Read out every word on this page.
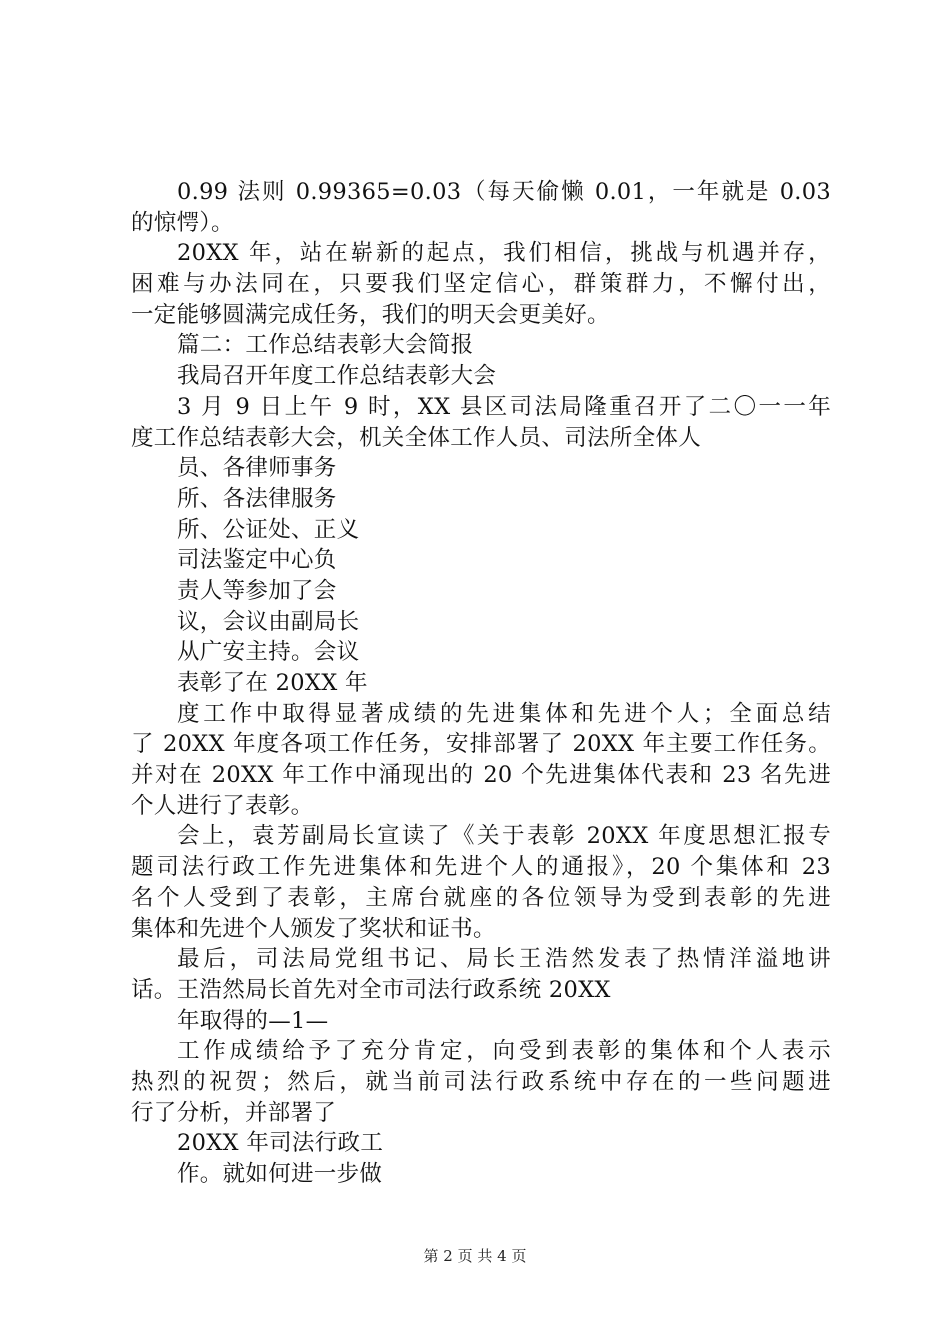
0.99 法则 0.99365=0.03（每天偷懒 0.01，一年就是 0.03
的惊愕）。
20XX 年，站在崭新的起点，我们相信，挑战与机遇并存，
困难与办法同在，只要我们坚定信心，群策群力，不懈付出，
一定能够圆满完成任务，我们的明天会更美好。
篇二：工作总结表彰大会简报
我局召开年度工作总结表彰大会
3 月 9 日上午 9 时，XX 县区司法局隆重召开了二〇一一年
度工作总结表彰大会，机关全体工作人员、司法所全体人
员、各律师事务
所、各法律服务
所、公证处、正义
司法鉴定中心负
责人等参加了会
议，会议由副局长
从广安主持。会议
表彰了在 20XX 年
度工作中取得显著成绩的先进集体和先进个人；全面总结
了 20XX 年度各项工作任务，安排部署了 20XX 年主要工作任务。
并对在 20XX 年工作中涌现出的 20 个先进集体代表和 23 名先进
个人进行了表彰。
会上，袁芳副局长宣读了《关于表彰 20XX 年度思想汇报专
题司法行政工作先进集体和先进个人的通报》，20 个集体和 23
名个人受到了表彰，主席台就座的各位领导为受到表彰的先进
集体和先进个人颁发了奖状和证书。
最后，司法局党组书记、局长王浩然发表了热情洋溢地讲
话。王浩然局长首先对全市司法行政系统 20XX
年取得的—1—
工作成绩给予了充分肯定，向受到表彰的集体和个人表示
热烈的祝贺；然后，就当前司法行政系统中存在的一些问题进
行了分析，并部署了
20XX 年司法行政工
作。就如何进一步做
第 2 页 共 4 页
